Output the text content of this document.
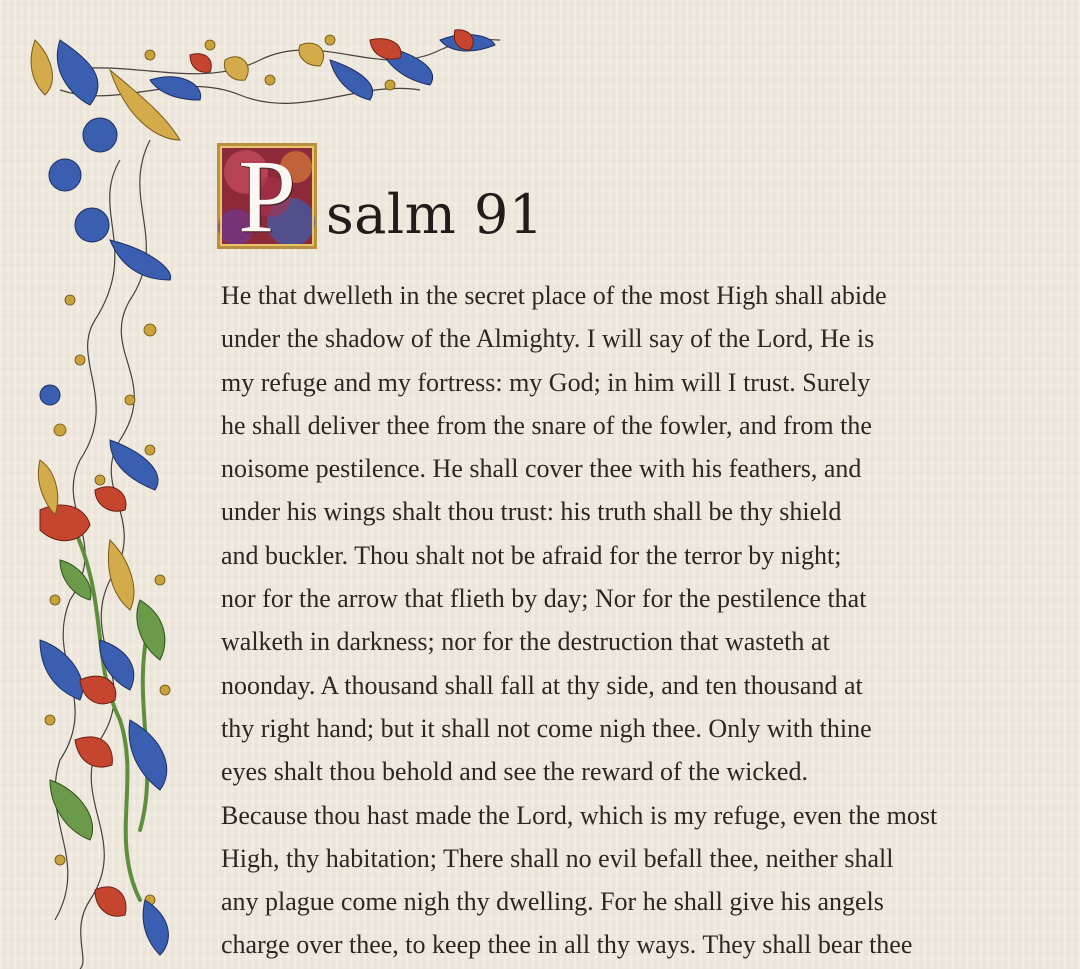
P salm 91
He that dwelleth in the secret place of the most High shall abide
under the shadow of the Almighty. I will say of the Lord, He is
my refuge and my fortress: my God; in him will I trust. Surely
he shall deliver thee from the snare of the fowler, and from the
noisome pestilence. He shall cover thee with his feathers, and
under his wings shalt thou trust: his truth shall be thy shield
and buckler. Thou shalt not be afraid for the terror by night;
nor for the arrow that flieth by day; Nor for the pestilence that
walketh in darkness; nor for the destruction that wasteth at
noonday. A thousand shall fall at thy side, and ten thousand at
thy right hand; but it shall not come nigh thee. Only with thine
eyes shalt thou behold and see the reward of the wicked.
Because thou hast made the Lord, which is my refuge, even the most
High, thy habitation; There shall no evil befall thee, neither shall
any plague come nigh thy dwelling. For he shall give his angels
charge over thee, to keep thee in all thy ways. They shall bear thee
